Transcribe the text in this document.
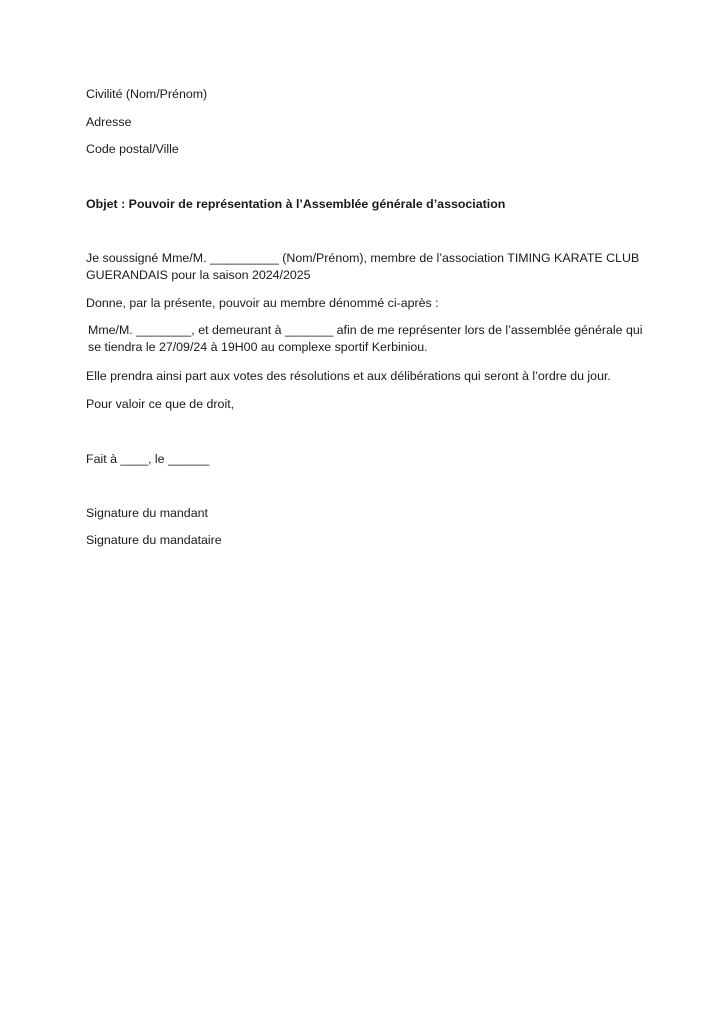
Civilité (Nom/Prénom)

Adresse

Code postal/Ville

Objet : Pouvoir de représentation à l’Assemblée générale d’association

Je soussigné Mme/M. __________ (Nom/Prénom), membre de l’association TIMING KARATE CLUB GUERANDAIS pour la saison 2024/2025

Donne, par la présente, pouvoir au membre dénommé ci-après :

Mme/M. ________, et demeurant à _______ afin de me représenter lors de l’assemblée générale qui se tiendra le 27/09/24 à 19H00 au complexe sportif Kerbiniou.

Elle prendra ainsi part aux votes des résolutions et aux délibérations qui seront à l’ordre du jour.

Pour valoir ce que de droit,

Fait à ____, le ______

Signature du mandant

Signature du mandataire
